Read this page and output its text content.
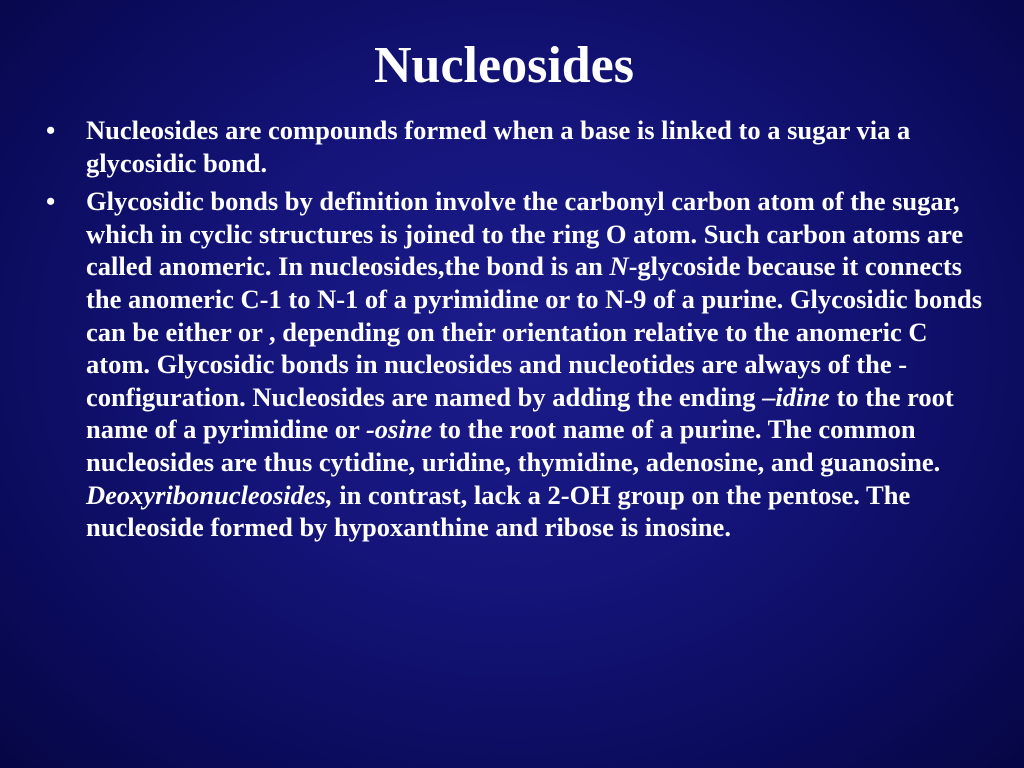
Nucleosides
• Nucleosides are compounds formed when a base is linked to a sugar via a glycosidic bond.
• Glycosidic bonds by definition involve the carbonyl carbon atom of the sugar, which in cyclic structures is joined to the ring O atom. Such carbon atoms are called anomeric. In nucleosides,the bond is an N-glycoside because it connects the anomeric C-1 to N-1 of a pyrimidine or to N-9 of a purine. Glycosidic bonds can be either or , depending on their orientation relative to the anomeric C atom. Glycosidic bonds in nucleosides and nucleotides are always of the -configuration. Nucleosides are named by adding the ending –idine to the root name of a pyrimidine or -osine to the root name of a purine. The common nucleosides are thus cytidine, uridine, thymidine, adenosine, and guanosine. Deoxyribonucleosides, in contrast, lack a 2-OH group on the pentose. The nucleoside formed by hypoxanthine and ribose is inosine.
